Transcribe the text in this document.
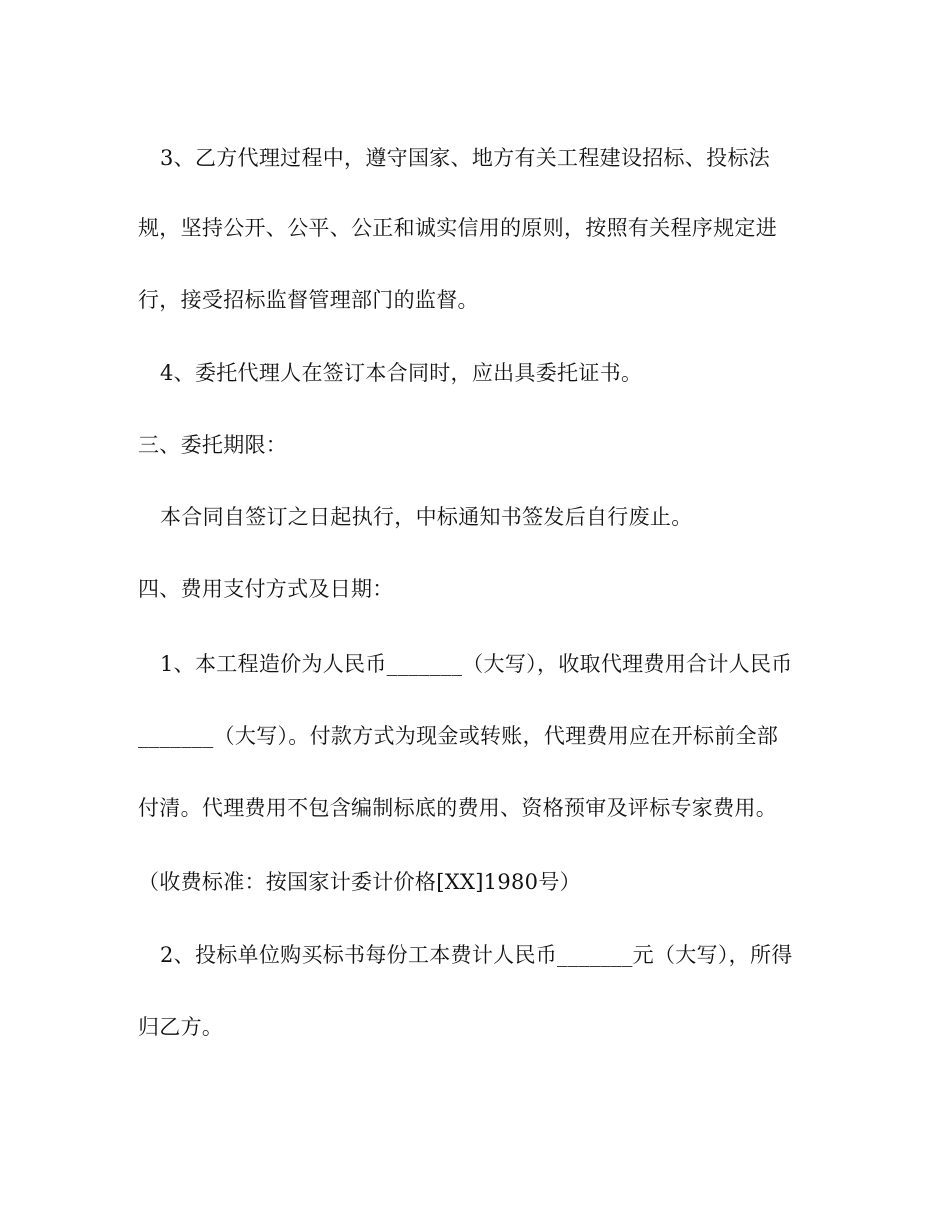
3、乙方代理过程中，遵守国家、地方有关工程建设招标、投标法
规，坚持公开、公平、公正和诚实信用的原则，按照有关程序规定进
行，接受招标监督管理部门的监督。
4、委托代理人在签订本合同时，应出具委托证书。
三、委托期限：
本合同自签订之日起执行，中标通知书签发后自行废止。
四、费用支付方式及日期：
1、本工程造价为人民币_______（大写），收取代理费用合计人民币
_______（大写）。付款方式为现金或转账，代理费用应在开标前全部
付清。代理费用不包含编制标底的费用、资格预审及评标专家费用。
（收费标准：按国家计委计价格[XX]1980号）
2、投标单位购买标书每份工本费计人民币_______元（大写），所得
归乙方。
